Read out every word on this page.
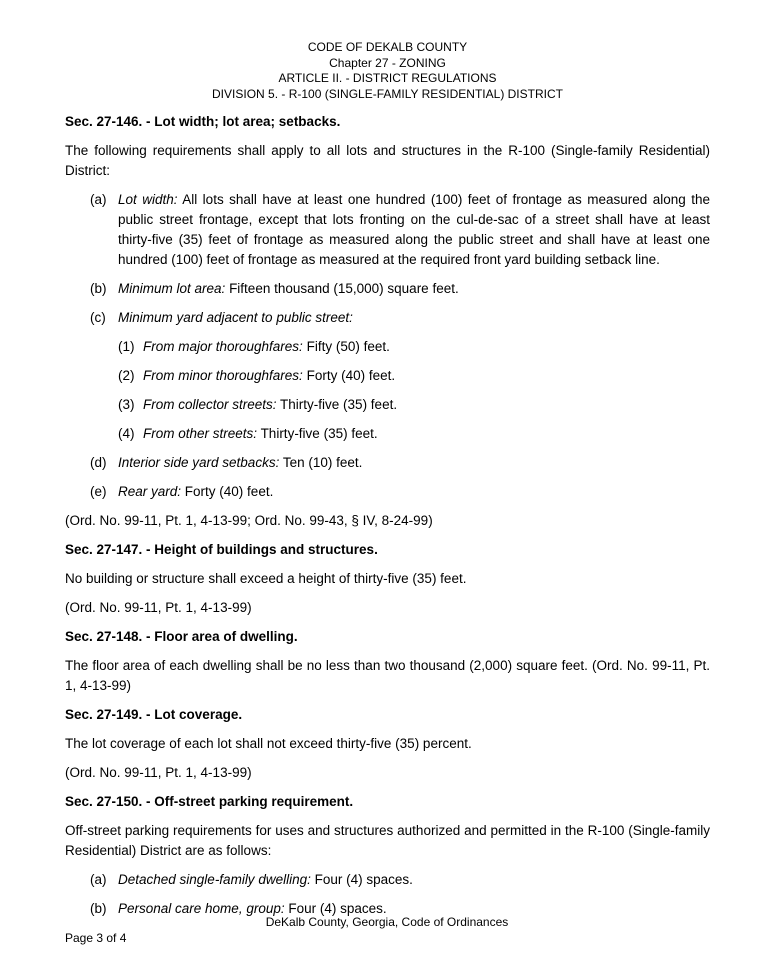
CODE OF DEKALB COUNTY
Chapter 27 - ZONING
ARTICLE II. - DISTRICT REGULATIONS
DIVISION 5. - R-100 (SINGLE-FAMILY RESIDENTIAL) DISTRICT
Sec. 27-146. - Lot width; lot area; setbacks.

The following requirements shall apply to all lots and structures in the R-100 (Single-family Residential) District:

(a) Lot width: All lots shall have at least one hundred (100) feet of frontage as measured along the public street frontage, except that lots fronting on the cul-de-sac of a street shall have at least thirty-five (35) feet of frontage as measured along the public street and shall have at least one hundred (100) feet of frontage as measured at the required front yard building setback line.
(b) Minimum lot area: Fifteen thousand (15,000) square feet.
(c) Minimum yard adjacent to public street:
(1) From major thoroughfares: Fifty (50) feet.
(2) From minor thoroughfares: Forty (40) feet.
(3) From collector streets: Thirty-five (35) feet.
(4) From other streets: Thirty-five (35) feet.
(d) Interior side yard setbacks: Ten (10) feet.
(e) Rear yard: Forty (40) feet.

(Ord. No. 99-11, Pt. 1, 4-13-99; Ord. No. 99-43, § IV, 8-24-99)

Sec. 27-147. - Height of buildings and structures.

No building or structure shall exceed a height of thirty-five (35) feet.

(Ord. No. 99-11, Pt. 1, 4-13-99)

Sec. 27-148. - Floor area of dwelling.

The floor area of each dwelling shall be no less than two thousand (2,000) square feet. (Ord. No. 99-11, Pt. 1, 4-13-99)

Sec. 27-149. - Lot coverage.

The lot coverage of each lot shall not exceed thirty-five (35) percent.

(Ord. No. 99-11, Pt. 1, 4-13-99)

Sec. 27-150. - Off-street parking requirement.

Off-street parking requirements for uses and structures authorized and permitted in the R-100 (Single-family Residential) District are as follows:

(a) Detached single-family dwelling: Four (4) spaces.
(b) Personal care home, group: Four (4) spaces.
DeKalb County, Georgia, Code of Ordinances
Page 3 of 4
